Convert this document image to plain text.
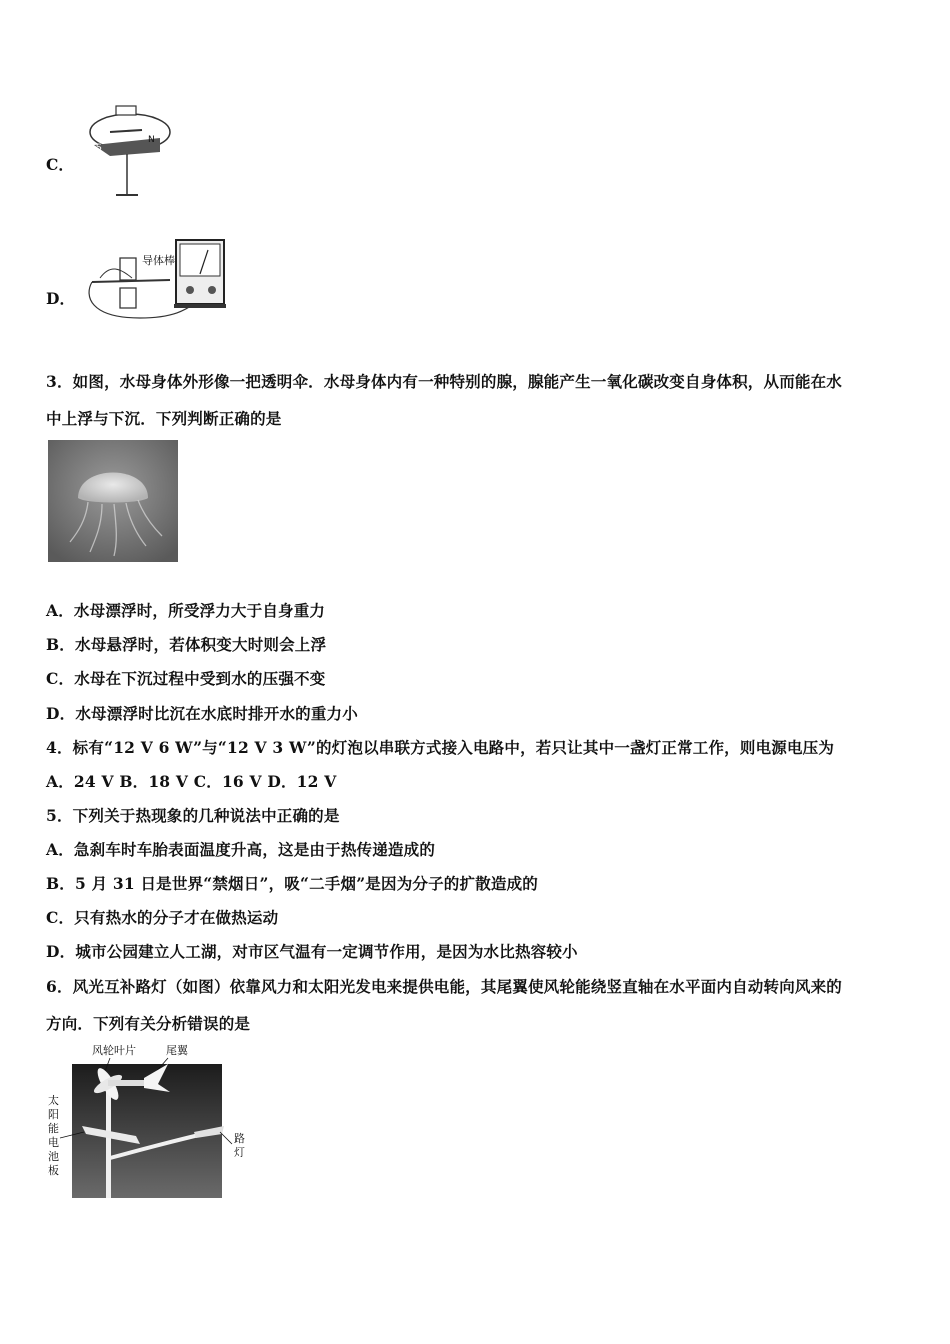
C．
S
N
D．
导体棒
3．如图，水母身体外形像一把透明伞．水母身体内有一种特别的腺，腺能产生一氧化碳改变自身体积，从而能在水
中上浮与下沉．下列判断正确的是
A．水母漂浮时，所受浮力大于自身重力
B．水母悬浮时，若体积变大时则会上浮
C．水母在下沉过程中受到水的压强不变
D．水母漂浮时比沉在水底时排开水的重力小
4．标有“12 V 6 W”与“12 V 3 W”的灯泡以串联方式接入电路中，若只让其中一盏灯正常工作，则电源电压为
A．24 V B．18 V C．16 V D．12 V
5．下列关于热现象的几种说法中正确的是
A．急刹车时车胎表面温度升高，这是由于热传递造成的
B．5 月 31 日是世界“禁烟日”，吸“二手烟”是因为分子的扩散造成的
C．只有热水的分子才在做热运动
D．城市公园建立人工湖，对市区气温有一定调节作用，是因为水比热容较小
6．风光互补路灯（如图）依靠风力和太阳光发电来提供电能，其尾翼使风轮能绕竖直轴在水平面内自动转向风来的
方向．下列有关分析错误的是
风轮叶片	尾翼
太
阳
能
电
池
板
路
灯
